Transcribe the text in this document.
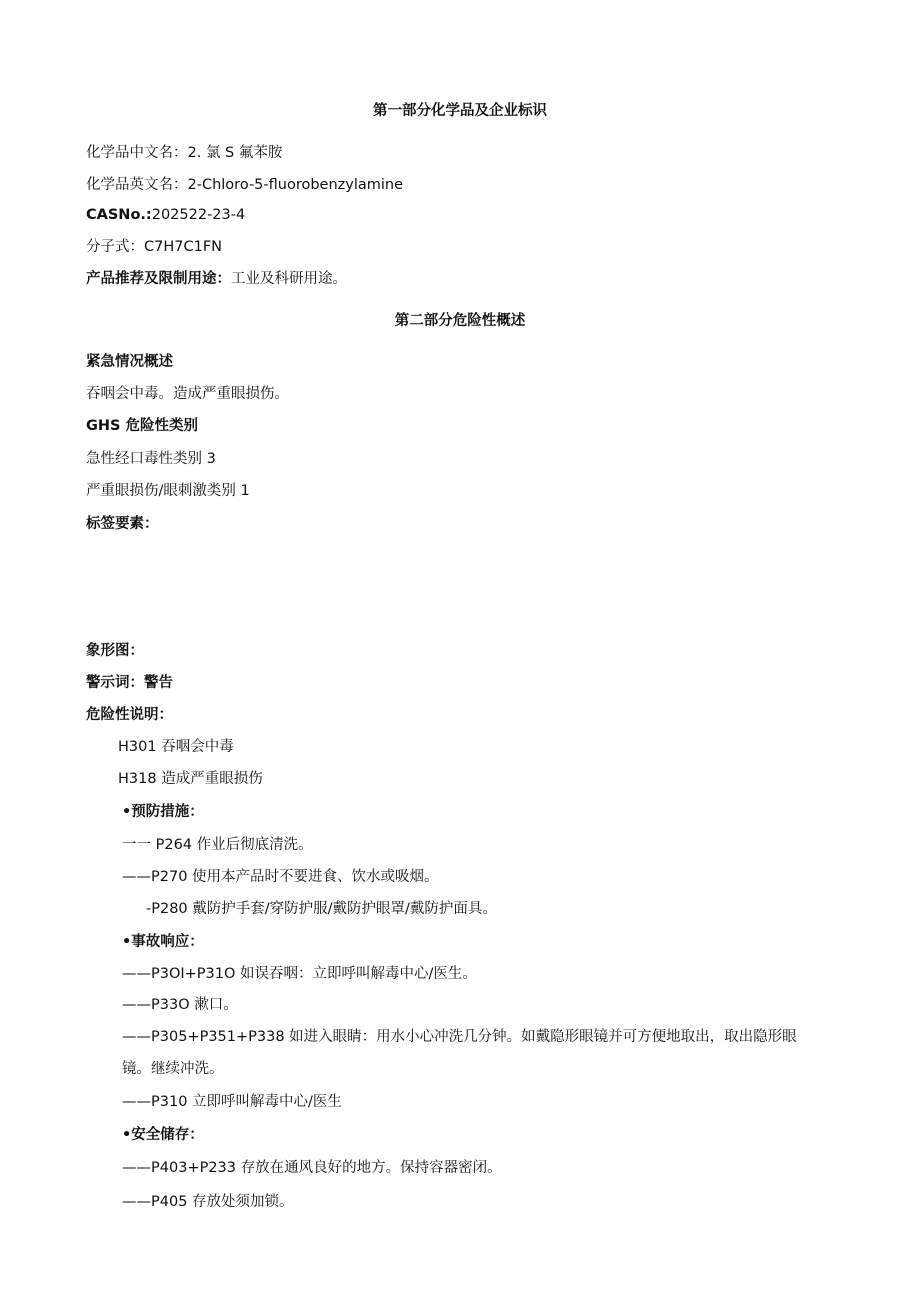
第一部分化学品及企业标识
化学品中文名：2. 氯 S 氟苯胺
化学品英文名：2-Chloro-5-fluorobenzylamine
CASNo.:202522-23-4
分子式：C7H7C1FN
产品推荐及限制用途：工业及科研用途。
第二部分危险性概述
紧急情况概述
吞咽会中毒。造成严重眼损伤。
GHS 危险性类别
急性经口毒性类别 3
严重眼损伤/眼刺激类别 1
标签要素：
象形图：
警示词：警告
危险性说明：
H301 吞咽会中毒
H318 造成严重眼损伤
•预防措施：
一一 P264 作业后彻底清洗。
——P270 使用本产品时不要进食、饮水或吸烟。
-P280 戴防护手套/穿防护服/戴防护眼罩/戴防护面具。
•事故响应：
——P3OI+P31O 如误吞咽：立即呼叫解毒中心/医生。
——P33O 漱口。
——P305+P351+P338 如进入眼睛：用水小心冲洗几分钟。如戴隐形眼镜并可方便地取出，取出隐形眼
镜。继续冲洗。
——P310 立即呼叫解毒中心/医生
•安全储存：
——P403+P233 存放在通风良好的地方。保持容器密闭。
——P405 存放处须加锁。
